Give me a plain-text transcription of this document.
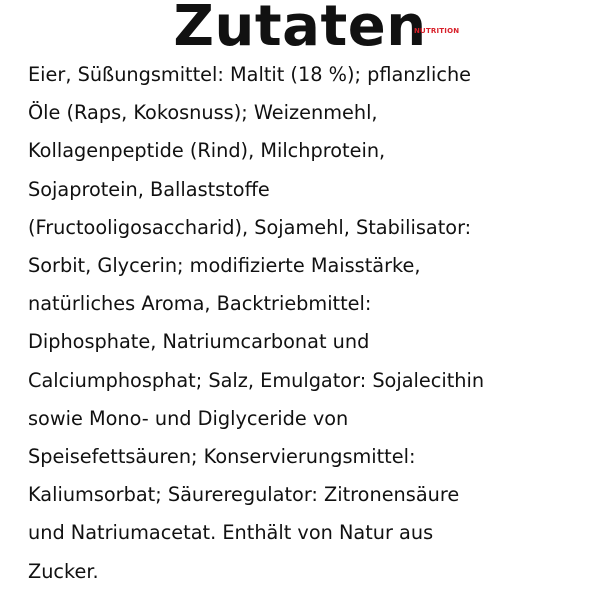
Zutaten
NUTRITION

Eier, Süßungsmittel: Maltit (18 %); pflanzliche
Öle (Raps, Kokosnuss); Weizenmehl,
Kollagenpeptide (Rind), Milchprotein,
Sojaprotein, Ballaststoffe
(Fructooligosaccharid), Sojamehl, Stabilisator:
Sorbit, Glycerin; modifizierte Maisstärke,
natürliches Aroma, Backtriebmittel:
Diphosphate, Natriumcarbonat und
Calciumphosphat; Salz, Emulgator: Sojalecithin
sowie Mono- und Diglyceride von
Speisefettsäuren; Konservierungsmittel:
Kaliumsorbat; Säureregulator: Zitronensäure
und Natriumacetat. Enthält von Natur aus
Zucker.
